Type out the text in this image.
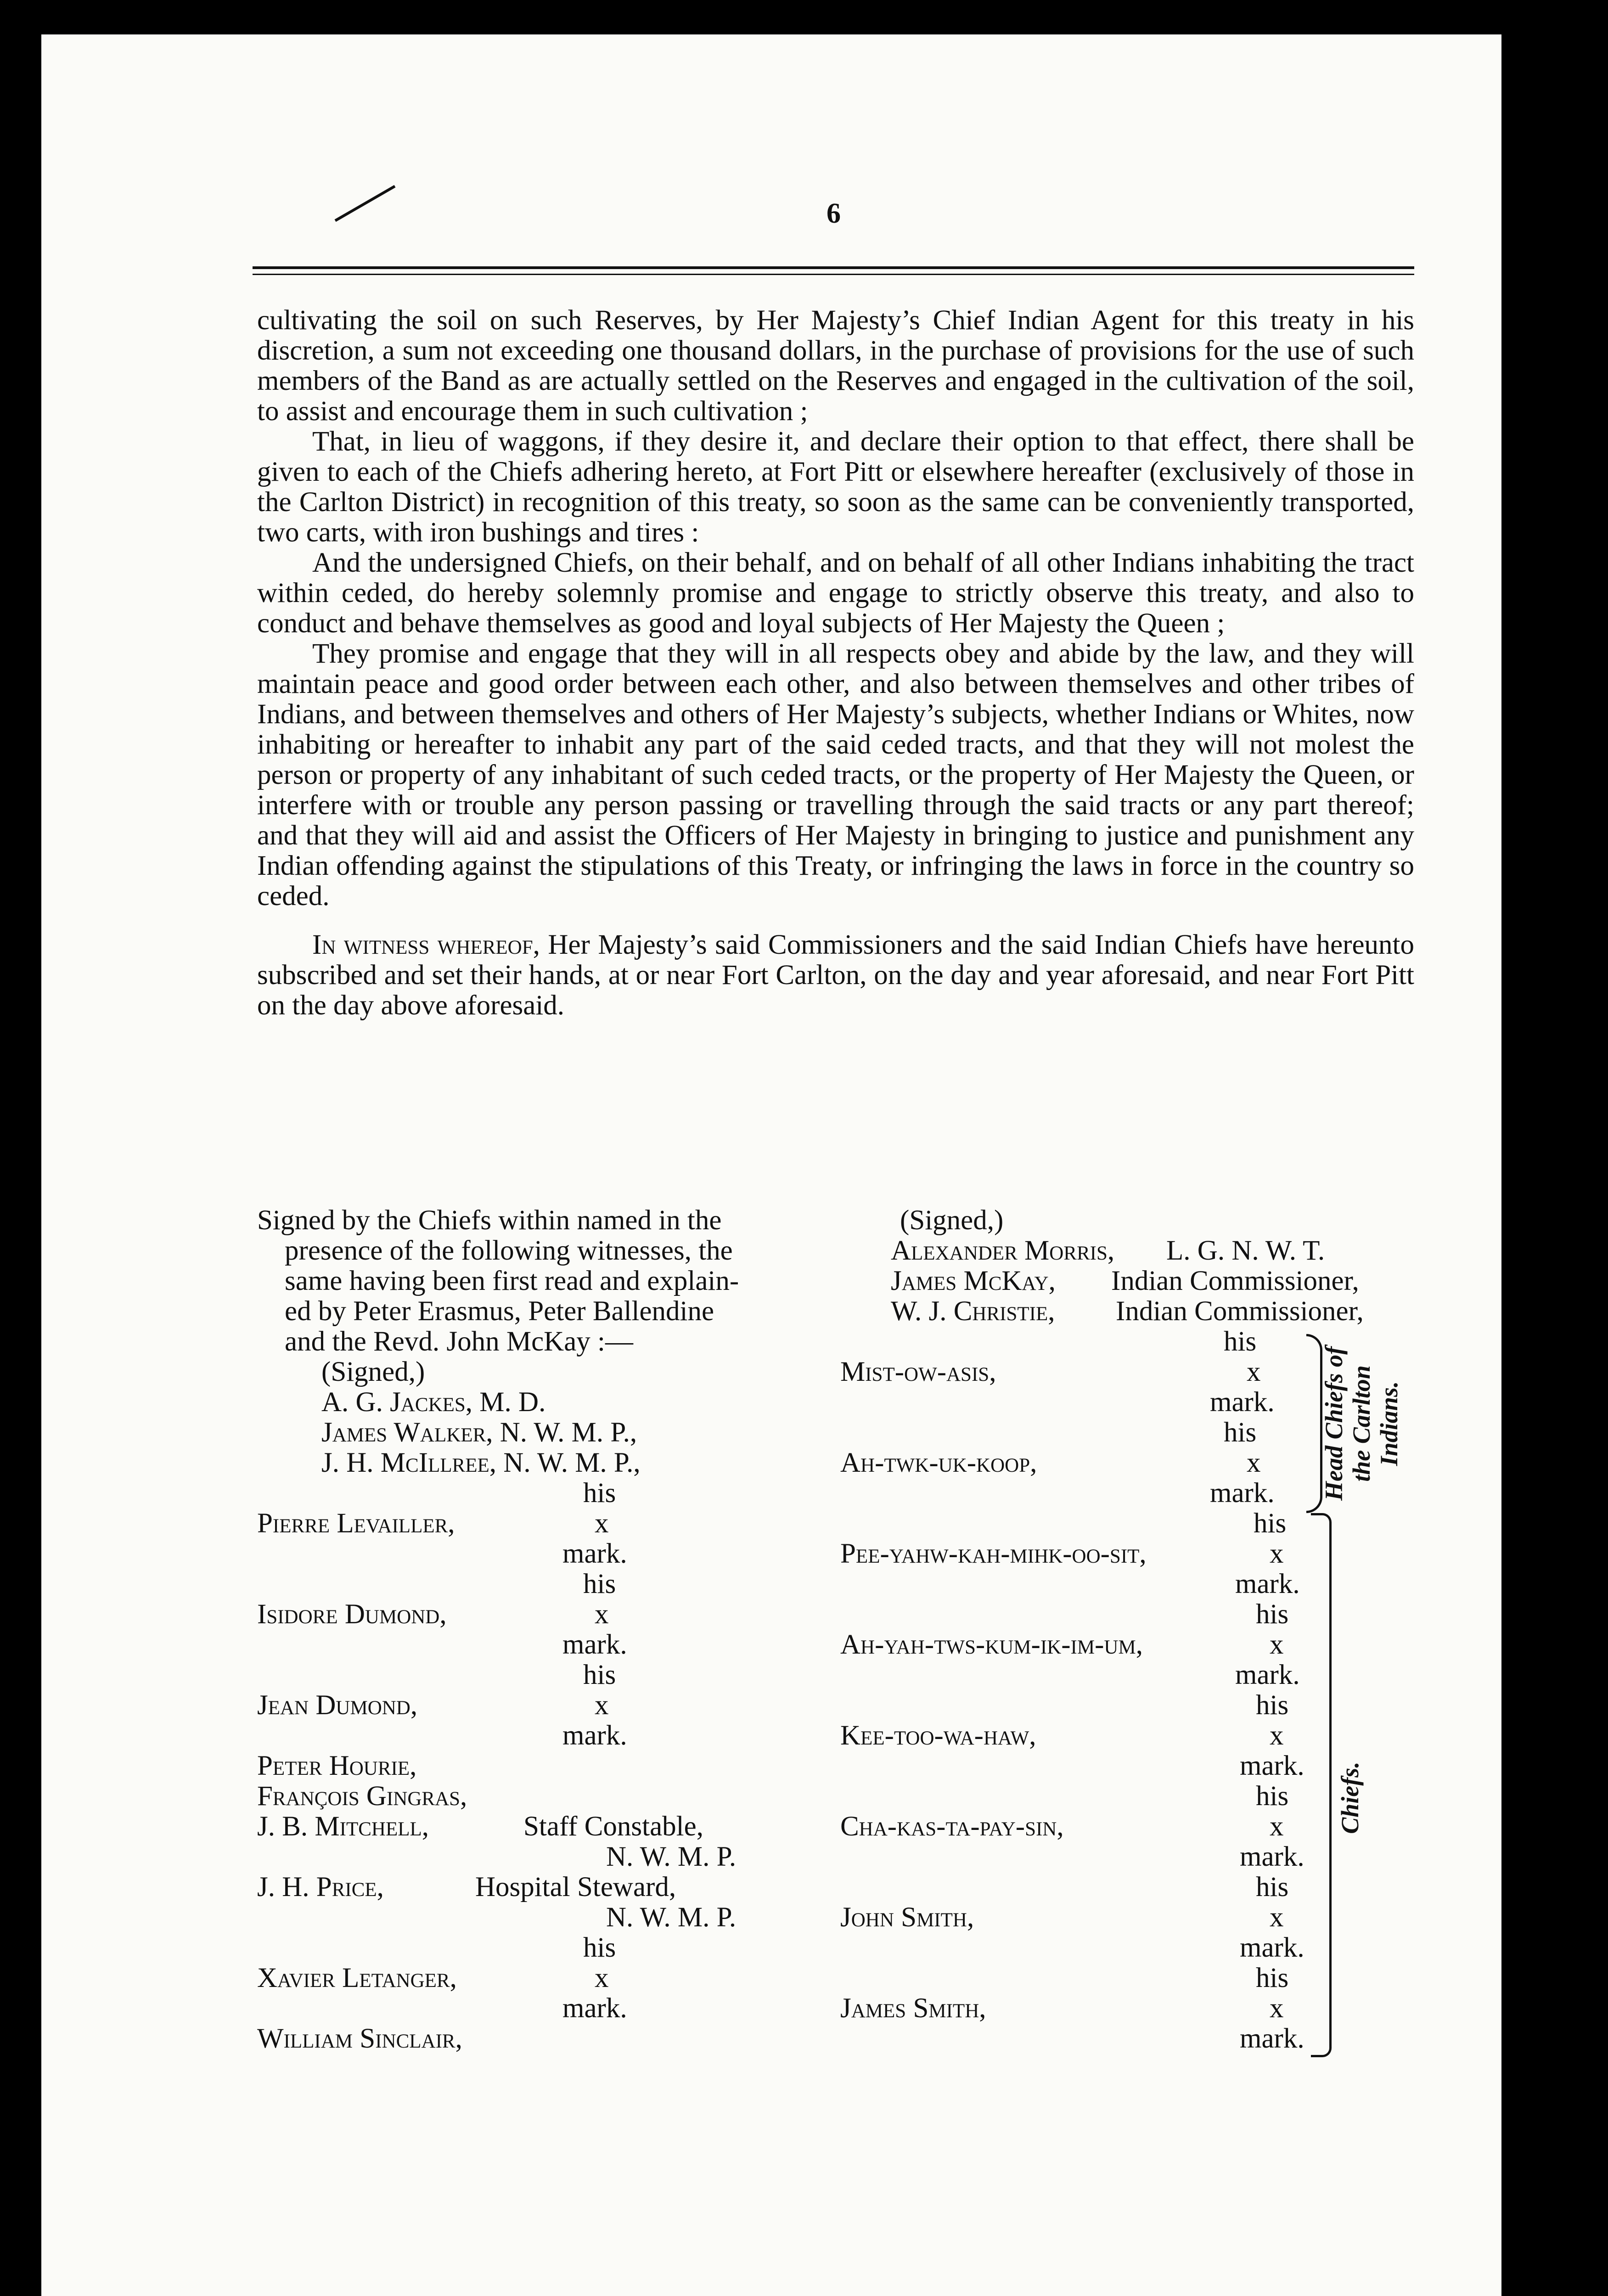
6

cultivating the soil on such Reserves, by Her Majesty’s Chief Indian Agent for this treaty in his discretion, a sum not exceeding one thousand dollars, in the purchase of provisions for the use of such members of the Band as are actually settled on the Reserves and engaged in the cultivation of the soil, to assist and encourage them in such cultivation ;

That, in lieu of waggons, if they desire it, and declare their option to that effect, there shall be given to each of the Chiefs adhering hereto, at Fort Pitt or elsewhere hereafter (exclusively of those in the Carlton District) in recognition of this treaty, so soon as the same can be conveniently transported, two carts, with iron bushings and tires :

And the undersigned Chiefs, on their behalf, and on behalf of all other Indians inhabiting the tract within ceded, do hereby solemnly promise and engage to strictly observe this treaty, and also to conduct and behave themselves as good and loyal subjects of Her Majesty the Queen ;

They promise and engage that they will in all respects obey and abide by the law, and they will maintain peace and good order between each other, and also between themselves and other tribes of Indians, and between themselves and others of Her Majesty’s subjects, whether Indians or Whites, now inhabiting or hereafter to inhabit any part of the said ceded tracts, and that they will not molest the person or property of any inhabitant of such ceded tracts, or the property of Her Majesty the Queen, or interfere with or trouble any person passing or travelling through the said tracts or any part thereof; and that they will aid and assist the Officers of Her Majesty in bringing to justice and punishment any Indian offending against the stipulations of this Treaty, or infringing the laws in force in the country so ceded.

In witness whereof, Her Majesty’s said Commissioners and the said Indian Chiefs have hereunto subscribed and set their hands, at or near Fort Carlton, on the day and year aforesaid, and near Fort Pitt on the day above aforesaid.

Signed by the Chiefs within named in the
presence of the following witnesses, the
same having been first read and explain-
ed by Peter Erasmus, Peter Ballendine
and the Revd. John McKay :—
(Signed,)
A. G. Jackes, M. D.
James Walker, N. W. M. P.,
J. H. McIllree, N. W. M. P.,
his
Pierre Levailler,	x
mark.
his
Isidore Dumond,	x
mark.
his
Jean Dumond,	x
mark.
Peter Hourie,
François Gingras,
J. B. Mitchell,	Staff Constable,
N. W. M. P.
J. H. Price,	Hospital Steward,
N. W. M. P.
his
Xavier Letanger,	x
mark.
William Sinclair,
(Signed,)
Alexander Morris, L. G. N. W. T.
James McKay, Indian Commissioner,
W. J. Christie, Indian Commissioner,
his
Mist-ow-asis,	x
mark.
his
Ah-twk-uk-koop,	x
mark.
his
Pee-yahw-kah-mihk-oo-sit,	x
mark.
his
Ah-yah-tws-kum-ik-im-um,	x
mark.
his
Kee-too-wa-haw,	x
mark.
his
Cha-kas-ta-pay-sin,	x
mark.
his
John Smith,	x
mark.
his
James Smith,	x
mark.
Head Chiefs of the Carlton Indians.
Chiefs.
